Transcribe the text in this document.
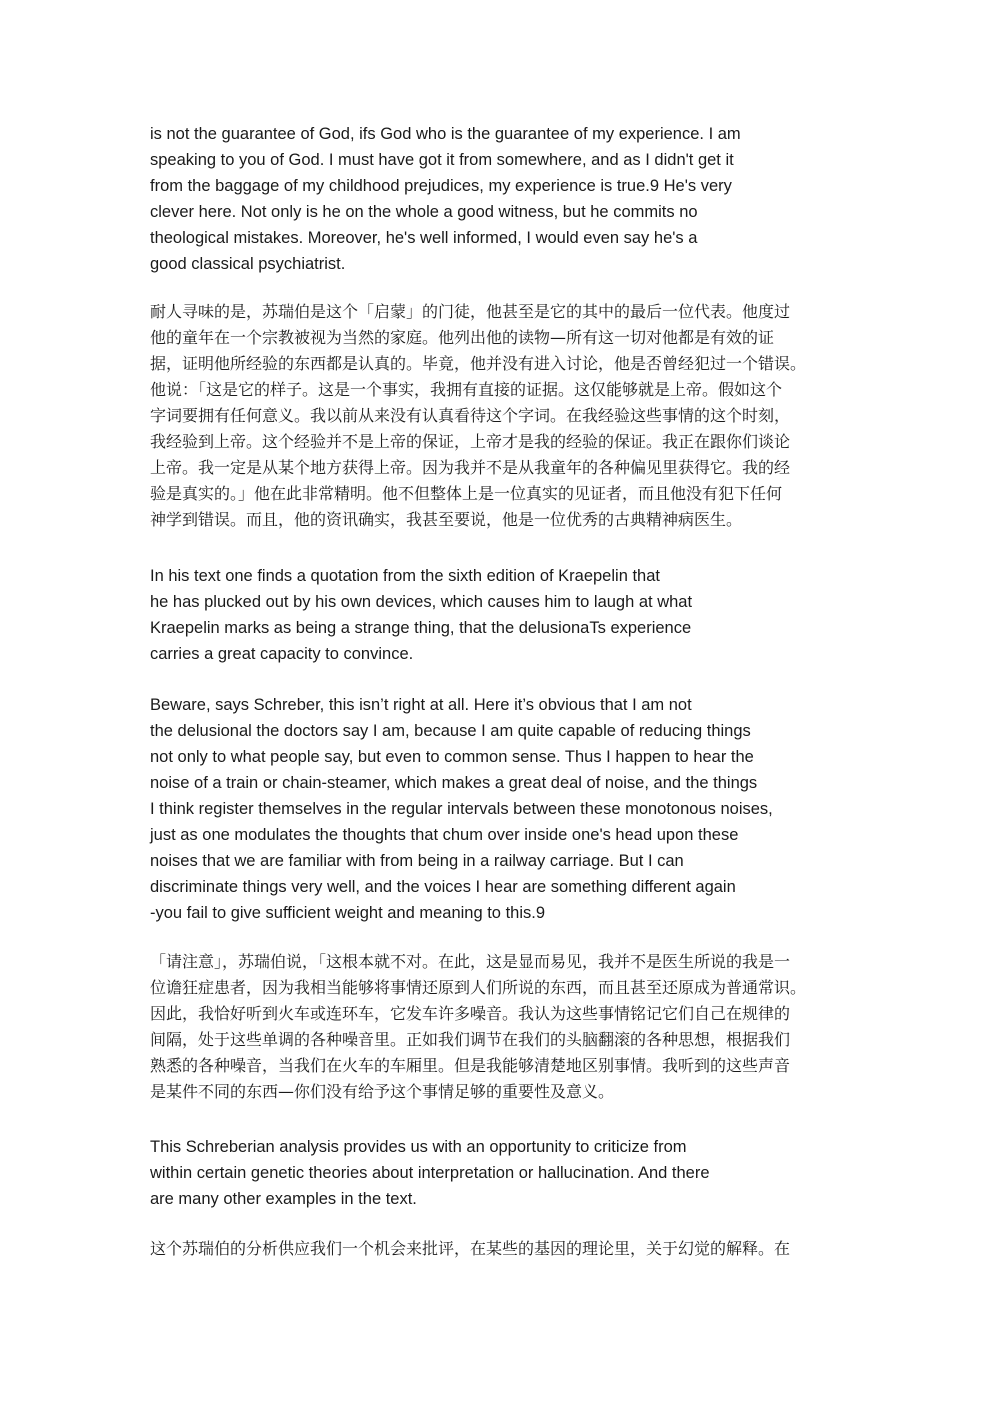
is not the guarantee of God, ifs God who is the guarantee of my experience. I am
speaking to you of God. I must have got it from somewhere, and as I didn't get it
from the baggage of my childhood prejudices, my experience is true.9 He's very
clever here. Not only is he on the whole a good witness, but he commits no
theological mistakes. Moreover, he's well informed, I would even say he's a
good classical psychiatrist.

耐人寻味的是，苏瑞伯是这个「启蒙」的门徒，他甚至是它的其中的最后一位代表。他度过
他的童年在一个宗教被视为当然的家庭。他列出他的读物—所有这一切对他都是有效的证
据，证明他所经验的东西都是认真的。毕竟，他并没有进入讨论，他是否曾经犯过一个错误。
他说：「这是它的样子。这是一个事实，我拥有直接的证据。这仅能够就是上帝。假如这个
字词要拥有任何意义。我以前从来没有认真看待这个字词。在我经验这些事情的这个时刻，
我经验到上帝。这个经验并不是上帝的保证，上帝才是我的经验的保证。我正在跟你们谈论
上帝。我一定是从某个地方获得上帝。因为我并不是从我童年的各种偏见里获得它。我的经
验是真实的。」他在此非常精明。他不但整体上是一位真实的见证者，而且他没有犯下任何
神学到错误。而且，他的资讯确实，我甚至要说，他是一位优秀的古典精神病医生。

In his text one finds a quotation from the sixth edition of Kraepelin that
he has plucked out by his own devices, which causes him to laugh at what
Kraepelin marks as being a strange thing, that the delusionaTs experience
carries a great capacity to convince.

Beware, says Schreber, this isn’t right at all. Here it’s obvious that I am not
the delusional the doctors say I am, because I am quite capable of reducing things
not only to what people say, but even to common sense. Thus I happen to hear the
noise of a train or chain-steamer, which makes a great deal of noise, and the things
I think register themselves in the regular intervals between these monotonous noises,
just as one modulates the thoughts that chum over inside one's head upon these
noises that we are familiar with from being in a railway carriage. But I can
discriminate things very well, and the voices I hear are something different again
-you fail to give sufficient weight and meaning to this.9

「请注意」，苏瑞伯说，「这根本就不对。在此，这是显而易见，我并不是医生所说的我是一
位谵狂症患者，因为我相当能够将事情还原到人们所说的东西，而且甚至还原成为普通常识。
因此，我恰好听到火车或连环车，它发车许多噪音。我认为这些事情铭记它们自己在规律的
间隔，处于这些单调的各种噪音里。正如我们调节在我们的头脑翻滚的各种思想，根据我们
熟悉的各种噪音，当我们在火车的车厢里。但是我能够清楚地区别事情。我听到的这些声音
是某件不同的东西—你们没有给予这个事情足够的重要性及意义。

This Schreberian analysis provides us with an opportunity to criticize from
within certain genetic theories about interpretation or hallucination. And there
are many other examples in the text.

这个苏瑞伯的分析供应我们一个机会来批评，在某些的基因的理论里，关于幻觉的解释。在
